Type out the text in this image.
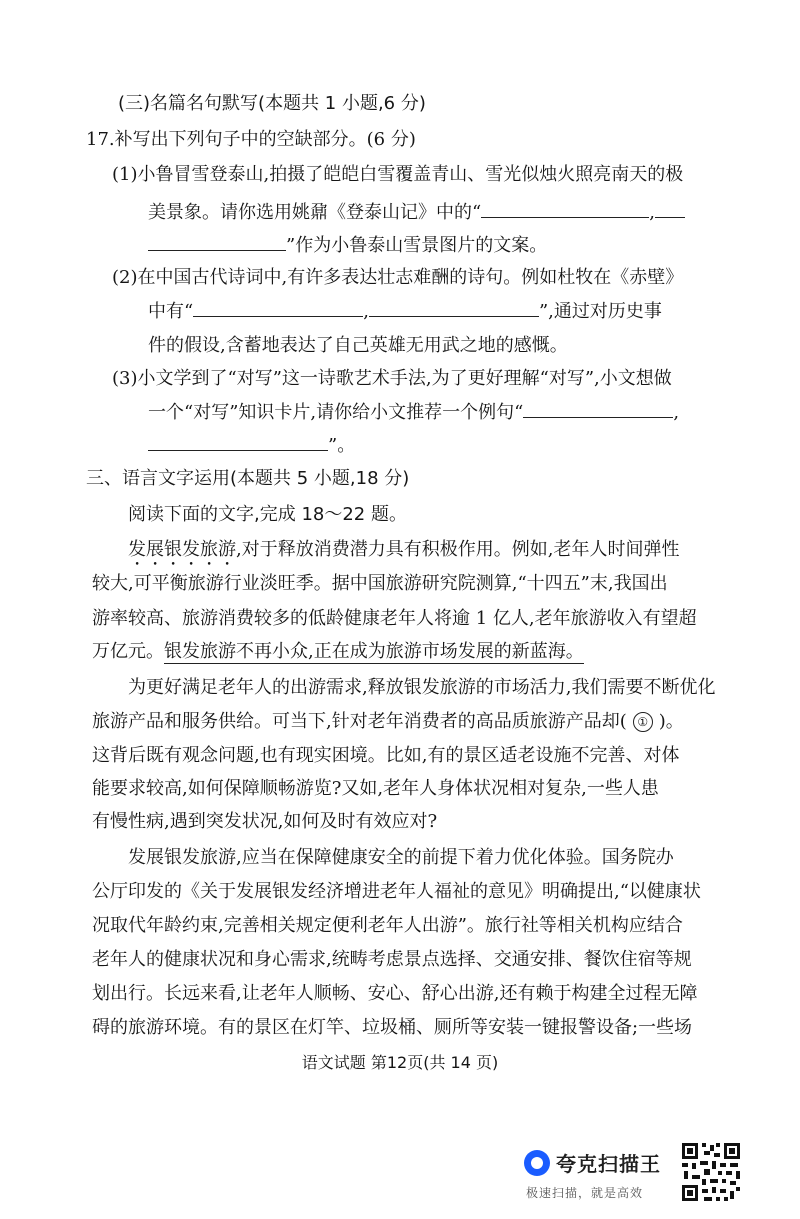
(三)名篇名句默写(本题共 1 小题,6 分)
17.补写出下列句子中的空缺部分。(6 分)
(1)小鲁冒雪登泰山,拍摄了皑皑白雪覆盖青山、雪光似烛火照亮南天的极
美景象。请你选用姚鼐《登泰山记》中的“	,
”作为小鲁泰山雪景图片的文案。
(2)在中国古代诗词中,有许多表达壮志难酬的诗句。例如杜牧在《赤壁》
中有“	,	”,通过对历史事
件的假设,含蓄地表达了自己英雄无用武之地的感慨。
(3)小文学到了“对写”这一诗歌艺术手法,为了更好理解“对写”,小文想做
一个“对写”知识卡片,请你给小文推荐一个例句“	,
”。
三、语言文字运用(本题共 5 小题,18 分)
阅读下面的文字,完成 18～22 题。
发展银发旅游,对于释放消费潜力具有积极作用。例如,老年人时间弹性
较大,可平衡旅游行业淡旺季。据中国旅游研究院测算,“十四五”末,我国出
游率较高、旅游消费较多的低龄健康老年人将逾 1 亿人,老年旅游收入有望超
万亿元。银发旅游不再小众,正在成为旅游市场发展的新蓝海。
为更好满足老年人的出游需求,释放银发旅游的市场活力,我们需要不断优化
旅游产品和服务供给。可当下,针对老年消费者的高品质旅游产品却( ① )。
这背后既有观念问题,也有现实困境。比如,有的景区适老设施不完善、对体
能要求较高,如何保障顺畅游览?又如,老年人身体状况相对复杂,一些人患
有慢性病,遇到突发状况,如何及时有效应对?
发展银发旅游,应当在保障健康安全的前提下着力优化体验。国务院办
公厅印发的《关于发展银发经济增进老年人福祉的意见》明确提出,“以健康状
况取代年龄约束,完善相关规定便利老年人出游”。旅行社等相关机构应结合
老年人的健康状况和身心需求,统畴考虑景点选择、交通安排、餐饮住宿等规
划出行。长远来看,让老年人顺畅、安心、舒心出游,还有赖于构建全过程无障
碍的旅游环境。有的景区在灯竿、垃圾桶、厕所等安装一键报警设备;一些场
语文试题 第12页(共 14 页)
夸克扫描王
极速扫描，就是高效
